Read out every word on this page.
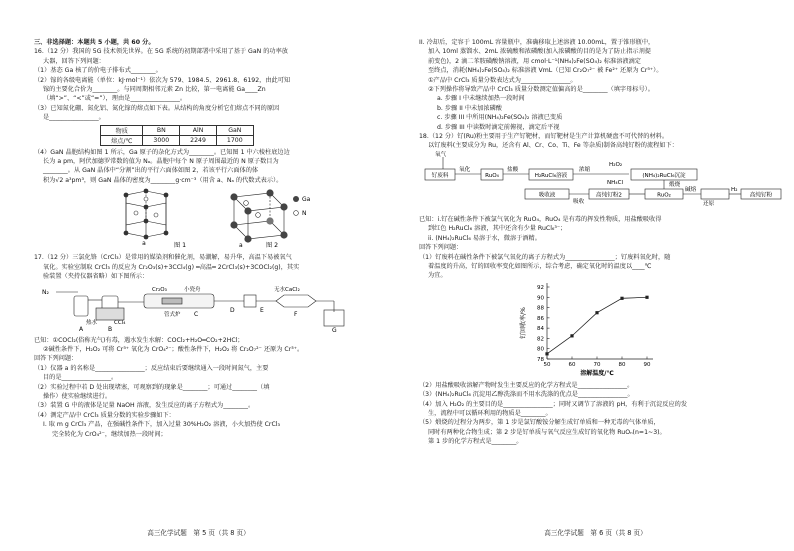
三、非选择题：本题共 5 小题，共 60 分。

16.（12 分）我国的 5G 技术领先世界。在 5G 系统的初期部署中采用了基于 GaN 的功率放

大器，回答下列问题：

（1）基态 Ga 核了的价电子排布式________。

（2）镓的各级电离能（单位：kJ·mol⁻¹）依次为 579、1984.5、2961.8、6192，由此可知

镓的主要化合价为________。与同周期相邻元素 Zn 比较，第一电离能 Ga____Zn

（填“>”、“<”或“=”），理由是________________。

（3）已知氮化硼、氮化铝、氮化镓的熔点如下表。从结构的角度分析它们熔点不同的原因

是________________。

物质	BN	AlN	GaN
熔点/℃	3000	2249	1700

（4）GaN 晶胞结构如图 1 所示，Ga 原子的杂化方式为________。已知图 1 中六棱柱底边边

长为 a pm，阿伏加德罗常数的值为 Nₐ。晶胞中每个 N 原子周围最近的 N 原子数目为

________。从 GaN 晶体中“分割”出的平行六面体如图 2，若该平行六面体的体

积为√2 a³pm³，则 GaN 晶体的密度为________g·cm⁻³（用含 a、Nₐ 的代数式表示）。

a	图 1
Ga
N
a	图 2

17.（12 分）三氯化铬（CrCl₃）是常用的媒染剂和催化剂，易潮解，易升华，高温下易被氧气

氧化。实验室制取 CrCl₃ 的反应为 Cr₂O₃(s)+3CCl₄(g) ═高温═ 2CrCl₃(s)+3COCl₂(g)，其实

验装置（夹持仪器省略）如下图所示：

N₂	Cr₂O₃	小瓷舟	无水CaCl₂
热水	CCl₄
管式炉
A	B
C
D	E
F
G

已知：①COCl₂(俗称光气)有毒，遇水发生水解：COCl₂+H₂O═CO₂+2HCl；

②碱性条件下，H₂O₂ 可将 Cr³⁺ 氧化为 CrO₄²⁻；酸性条件下，H₂O₂ 将 Cr₂O₇²⁻ 还原为 Cr³⁺。

回答下列问题：

（1）仪器 a 的名称是________________；反应结束后要继续通入一段时间氮气，主要

目的是________________。

（2）实验过程中若 D 处出现堵塞，可观察到的现象是________；可通过________（填

操作）使实验继续进行。

（3）装置 G 中的液体是足量 NaOH 溶液，发生反应的离子方程式为________。

（4）测定产品中 CrCl₃ 质量分数的实验步骤如下：

I. 取 m g CrCl₃ 产品，在强碱性条件下，加入过量 30%H₂O₂ 溶液，小火加热使 CrCl₃

完全转化为 CrO₄²⁻，继续加热一段时间；

高三化学试题　第 5 页（共 8 页）

II. 冷却后，定容于 100mL 容量瓶中，准确移取上述溶液 10.00mL，置于锥形瓶中，

加入 10ml 蒸馏水、2mL 浓硫酸和浓磷酸(加入浓磷酸的目的是为了防止指示剂提

前变色)，2 滴二苯胺磺酸钠溶液，用 cmol·L⁻¹(NH₄)₂Fe(SO₄)₂ 标准溶液滴定

至终点，消耗(NH₄)₂Fe(SO₄)₂ 标准溶液 VmL（已知 Cr₂O₇²⁻ 被 Fe²⁺ 还原为 Cr³⁺）。

①产品中 CrCl₃ 质量分数表达式为________________。

②下列操作将导致产品中 CrCl₃ 质量分数测定值偏高的是________（填字母标号）。

a. 步骤 I 中未继续加热一段时间

b. 步骤 II 中未加浓磷酸

c. 步骤 III 中所用(NH₄)₂Fe(SO₄)₂ 溶液已变质

d. 步骤 III 中读数时滴定前俯视，滴定后平视

18.（12 分）钌(Ru)粉主要用于生产钌靶材，而钌靶材是生产计算机硬盘不可代替的材料。

以钌废料(主要成分为 Ru，还含有 Al、Cr、Co、Ti、Fe 等杂质)制备高纯钌粉的流程如下：

氧气
氧化	盐酸	浓缩
H₂O₂
NH₄Cl	煅烧
H₂
钌废料	RuO₄	H₂RuCl₆溶液	(NH₄)₂RuCl₆沉淀
RuO₂	高纯钌粉
高纯钌粉2
吸收液
碱熔
吸收	还原

已知：i.钌在碱性条件下被氯气氧化为 RuO₄，RuO₄ 是有毒的挥发性物质，用盐酸吸收得

到红色 H₂RuCl₆ 溶液，其中还含有少量 RuCl₆³⁻；

ii. (NH₄)₂RuCl₆ 易溶于水，微溶于酒精。

回答下列问题：

（1）钌废料在碱性条件下被氯气氧化的离子方程式为________________；钌废料氧化时，随

着温度的升高，钌的回收率变化如图所示，综合考虑，确定氧化时的温度以____℃

为宜。

78
80
82
84
86
88
90
92
50	60	70	80	90
溶解温度/℃
钌回收率/%

（2）用盐酸吸收溶解产物时发生主要反应的化学方程式是________________。

（3）(NH₄)₂RuCl₆ 沉淀用乙醇洗涤而不用水洗涤的优点是________________。

（4）加入 H₂O₂ 的主要目的是________________；同时又调节了溶液的 pH，有利于沉淀反应的发

生，流程中可以循环利用的物质是________。

（5）煅烧的过程分为两步，第 1 步是氯钌酸铵分解生成钌单质和一种无毒的气体单质，

同时有两种化合物生成；第 2 步是钌单质与氧气反应生成钌的氧化物 RuOₙ(n=1~3)。

第 1 步的化学方程式是________。

高三化学试题　第 6 页（共 8 页）
